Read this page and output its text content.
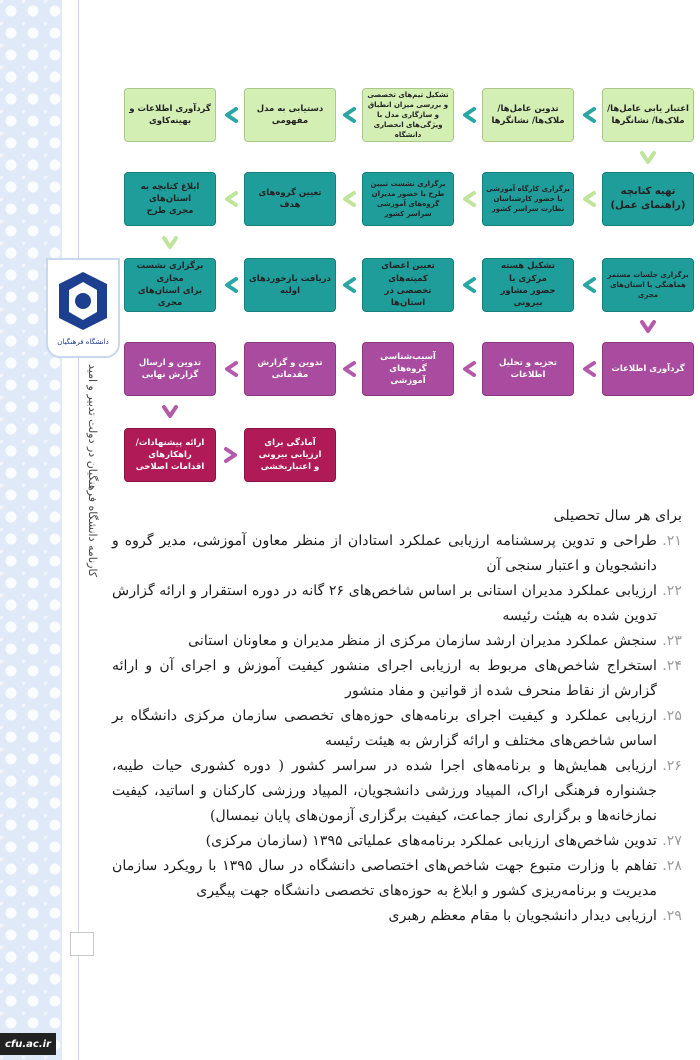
دانشگاه فرهنگیان
کارنامه دانشگاه فرهنگیان در دولت تدبیر و امید
cfu.ac.ir
اعتبار یابی عامل‌ها/
ملاک‌ها/ نشانگرها
تدوین عامل‌ها/
ملاک‌ها/ نشانگرها
تشکیل تیم‌های تخصصی و بررسی میزان انطباق و سازگاری مدل با ویژگی‌های انحصاری دانشگاه
دستیابی به مدل مفهومی
گردآوری اطلاعات و
بهینه‌کاوی
تهیه کتابچه
(راهنمای عمل)
برگزاری کارگاه آموزشی با حضور کارشناسان نظارت سراسر کشور
برگزاری نشست تبیین طرح با حضور مدیران گروه‌های آموزشی سراسر کشور
تعیین گروه‌های هدف
ابلاغ کتابچه به استان‌های
مجری طرح
برگزاری جلسات مستمر هماهنگی با استان‌های مجری
تشکیل هسته مرکزی با
حضور مشاور بیرونی
تعیین اعضای کمیته‌های
تخصصی در استان‌ها
دریافت بازخوردهای اولیه
برگزاری نشست مجازی
برای استان‌های مجری
گردآوری اطلاعات
تجزیه و تحلیل اطلاعات
آسیب‌شناسی گروه‌های
آموزشی
تدوین و گزارش
مقدماتی
تدوین و ارسال
گزارش نهایی
آمادگی برای ارزیابی بیرونی
و اعتباربخشی
ارائه پیشنهادات/راهکارهای
اقدامات اصلاحی

برای هر سال تحصیلی

۲۱.
طراحی و تدوین پرسشنامه ارزیابی عملکرد استادان از منظر معاون آموزشی، مدیر گروه و دانشجویان و اعتبار سنجی آن
۲۲.
ارزیابی عملکرد مدیران استانی بر اساس شاخص‌های ۲۶ گانه در دوره استقرار و ارائه گزارش تدوین شده به هیئت رئیسه
۲۳.
سنجش عملکرد مدیران ارشد سازمان مرکزی از منظر مدیران و معاونان استانی
۲۴.
استخراج شاخص‌های مربوط به ارزیابی اجرای منشور کیفیت آموزش و اجرای آن و ارائه گزارش از نقاط منحرف شده از قوانین و مفاد منشور
۲۵.
ارزیابی عملکرد و کیفیت اجرای برنامه‌های حوزه‌های تخصصی سازمان مرکزی دانشگاه بر اساس شاخص‌های مختلف و ارائه گزارش به هیئت رئیسه
۲۶.
ارزیابی همایش‌ها و برنامه‌های اجرا شده در سراسر کشور ( دوره کشوری حیات طیبه، جشنواره فرهنگی اراک، المپیاد ورزشی دانشجویان، المپیاد ورزشی کارکنان و اساتید، کیفیت نمازخانه‌ها و برگزاری نماز جماعت، کیفیت برگزاری آزمون‌های پایان نیمسال)
۲۷.
تدوین شاخص‌های ارزیابی عملکرد برنامه‌های عملیاتی ۱۳۹۵ (سازمان مرکزی)
۲۸.
تفاهم با وزارت متبوع جهت شاخص‌های اختصاصی دانشگاه در سال ۱۳۹۵ با رویکرد سازمان مدیریت و برنامه‌ریزی کشور و ابلاغ به حوزه‌های تخصصی دانشگاه جهت پیگیری
۲۹.
ارزیابی دیدار دانشجویان با مقام معظم رهبری
